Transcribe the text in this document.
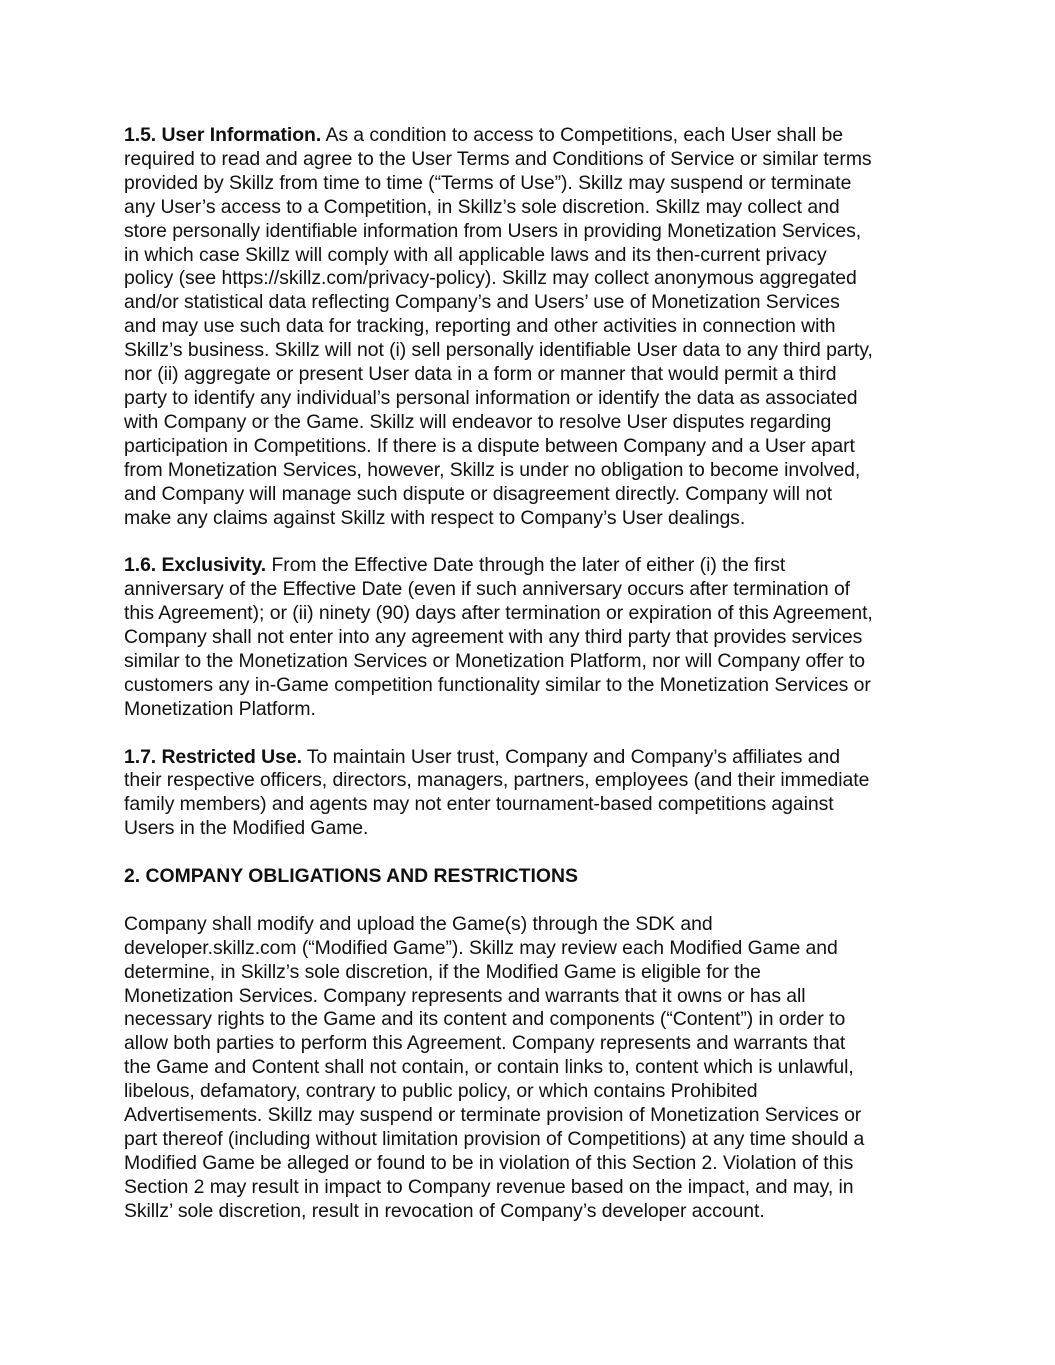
1.5. User Information. As a condition to access to Competitions, each User shall be
required to read and agree to the User Terms and Conditions of Service or similar terms
provided by Skillz from time to time (“Terms of Use”). Skillz may suspend or terminate
any User’s access to a Competition, in Skillz’s sole discretion. Skillz may collect and
store personally identifiable information from Users in providing Monetization Services,
in which case Skillz will comply with all applicable laws and its then-current privacy
policy (see https://skillz.com/privacy-policy). Skillz may collect anonymous aggregated
and/or statistical data reflecting Company’s and Users’ use of Monetization Services
and may use such data for tracking, reporting and other activities in connection with
Skillz’s business. Skillz will not (i) sell personally identifiable User data to any third party,
nor (ii) aggregate or present User data in a form or manner that would permit a third
party to identify any individual’s personal information or identify the data as associated
with Company or the Game. Skillz will endeavor to resolve User disputes regarding
participation in Competitions. If there is a dispute between Company and a User apart
from Monetization Services, however, Skillz is under no obligation to become involved,
and Company will manage such dispute or disagreement directly. Company will not
make any claims against Skillz with respect to Company’s User dealings.
1.6. Exclusivity. From the Effective Date through the later of either (i) the first
anniversary of the Effective Date (even if such anniversary occurs after termination of
this Agreement); or (ii) ninety (90) days after termination or expiration of this Agreement,
Company shall not enter into any agreement with any third party that provides services
similar to the Monetization Services or Monetization Platform, nor will Company offer to
customers any in-Game competition functionality similar to the Monetization Services or
Monetization Platform.
1.7. Restricted Use. To maintain User trust, Company and Company’s affiliates and
their respective officers, directors, managers, partners, employees (and their immediate
family members) and agents may not enter tournament-based competitions against
Users in the Modified Game.
2. COMPANY OBLIGATIONS AND RESTRICTIONS
Company shall modify and upload the Game(s) through the SDK and
developer.skillz.com (“Modified Game”). Skillz may review each Modified Game and
determine, in Skillz’s sole discretion, if the Modified Game is eligible for the
Monetization Services. Company represents and warrants that it owns or has all
necessary rights to the Game and its content and components (“Content”) in order to
allow both parties to perform this Agreement. Company represents and warrants that
the Game and Content shall not contain, or contain links to, content which is unlawful,
libelous, defamatory, contrary to public policy, or which contains Prohibited
Advertisements. Skillz may suspend or terminate provision of Monetization Services or
part thereof (including without limitation provision of Competitions) at any time should a
Modified Game be alleged or found to be in violation of this Section 2. Violation of this
Section 2 may result in impact to Company revenue based on the impact, and may, in
Skillz’ sole discretion, result in revocation of Company’s developer account.
